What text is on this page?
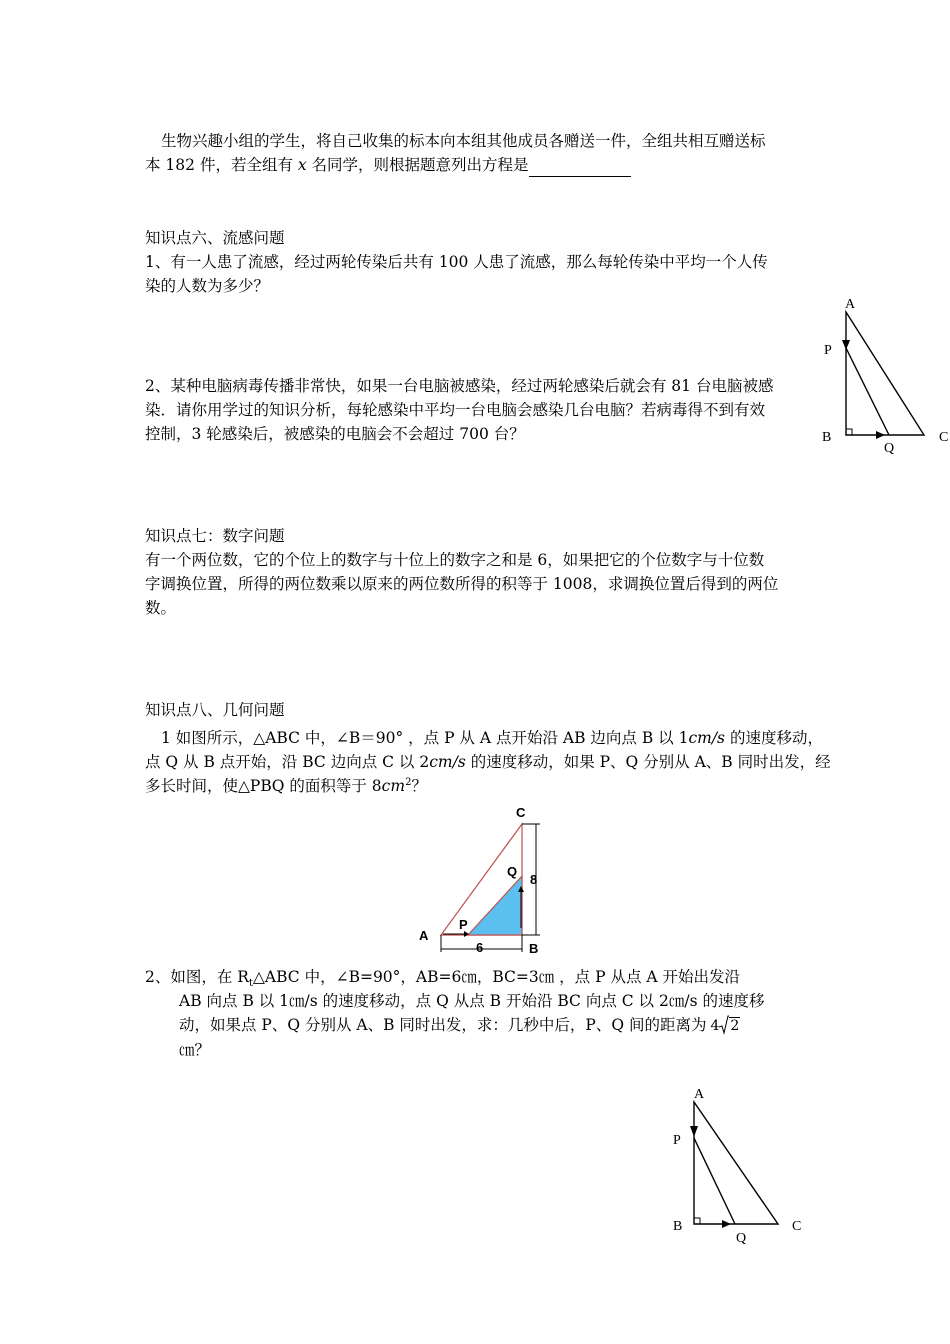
生物兴趣小组的学生，将自己收集的标本向本组其他成员各赠送一件，全组共相互赠送标
本 182 件，若全组有 x 名同学，则根据题意列出方程是
知识点六、流感问题
1、有一人患了流感，经过两轮传染后共有 100 人患了流感，那么每轮传染中平均一个人传
染的人数为多少？
2、某种电脑病毒传播非常快，如果一台电脑被感染，经过两轮感染后就会有 81 台电脑被感
染．请你用学过的知识分析，每轮感染中平均一台电脑会感染几台电脑？若病毒得不到有效
控制，3 轮感染后，被感染的电脑会不会超过 700 台？
知识点七：数字问题
有一个两位数，它的个位上的数字与十位上的数字之和是 6，如果把它的个位数字与十位数
字调换位置，所得的两位数乘以原来的两位数所得的积等于 1008，求调换位置后得到的两位
数。
知识点八、几何问题
1 如图所示，△ABC 中，∠B＝90° ，点 P 从 A 点开始沿 AB 边向点 B 以 1cm/s 的速度移动，
点 Q 从 B 点开始，沿 BC 边向点 C 以 2cm/s 的速度移动，如果 P、Q 分别从 A、B 同时出发，经
多长时间，使△PBQ 的面积等于 $8cm^2$？
A
P
B
Q
C
6
8
2、如图，在 $R_t\triangle ABC$ 中，∠B=90°，AB=6㎝，BC=3㎝ ，点 P 从点 A 开始出发沿
AB 向点 B 以 1㎝/s 的速度移动，点 Q 从点 B 开始沿 BC 向点 C 以 2㎝/s 的速度移
动，如果点 P、Q 分别从 A、B 同时出发，求：几秒中后，P、Q 间的距离为 4 2
㎝？
A
P
B
Q
C
A
P
B
Q
C
